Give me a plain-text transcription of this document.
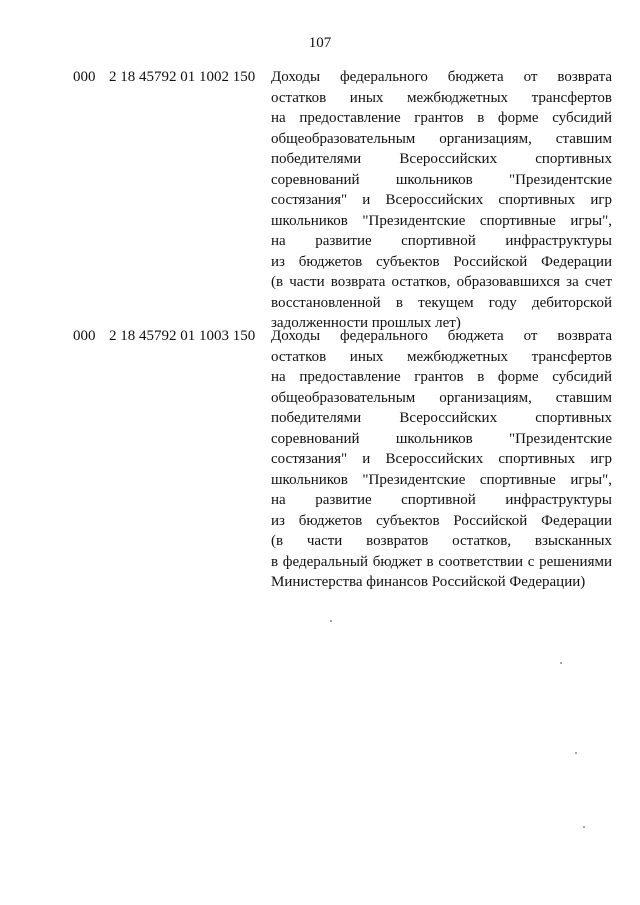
107
000 2 18 45792 01 1002 150 Доходы федерального бюджета от возврата
остатков иных межбюджетных трансфертов
на предоставление грантов в форме субсидий
общеобразовательным организациям, ставшим
победителями Всероссийских спортивных
соревнований школьников "Президентские
состязания" и Всероссийских спортивных игр
школьников "Президентские спортивные игры",
на развитие спортивной инфраструктуры
из бюджетов субъектов Российской Федерации
(в части возврата остатков, образовавшихся за счет
восстановленной в текущем году дебиторской
задолженности прошлых лет)
000 2 18 45792 01 1003 150 Доходы федерального бюджета от возврата
остатков иных межбюджетных трансфертов
на предоставление грантов в форме субсидий
общеобразовательным организациям, ставшим
победителями Всероссийских спортивных
соревнований школьников "Президентские
состязания" и Всероссийских спортивных игр
школьников "Президентские спортивные игры",
на развитие спортивной инфраструктуры
из бюджетов субъектов Российской Федерации
(в части возвратов остатков, взысканных
в федеральный бюджет в соответствии с решениями
Министерства финансов Российской Федерации)
